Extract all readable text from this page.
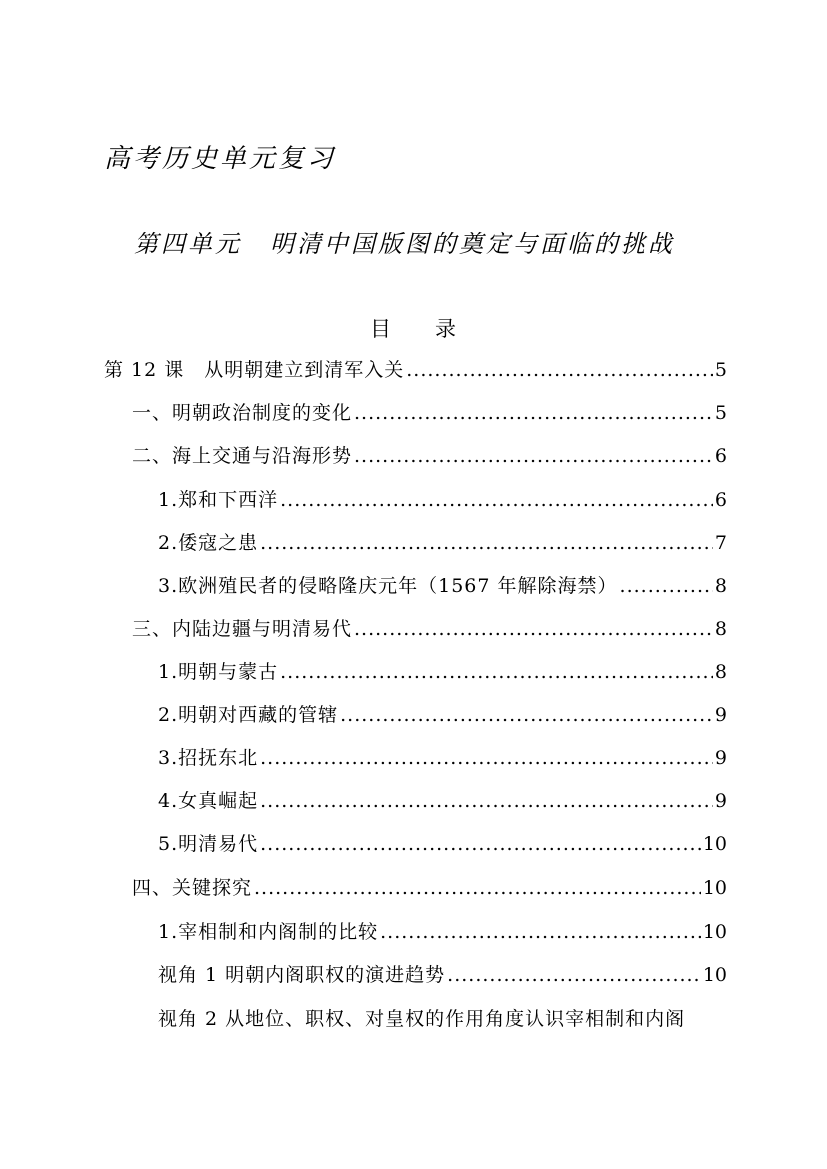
高考历史单元复习
第四单元 明清中国版图的奠定与面临的挑战
目 录
第 12 课　从明朝建立到清军入关 .....	5
一、明朝政治制度的变化 .....	5
二、海上交通与沿海形势 .....	6
1.郑和下西洋 .....	6
2.倭寇之患 .....	7
3.欧洲殖民者的侵略隆庆元年（1567 年解除海禁） .....	8
三、内陆边疆与明清易代 .....	8
1.明朝与蒙古 .....	8
2.明朝对西藏的管辖 .....	9
3.招抚东北 .....	9
4.女真崛起 .....	9
5.明清易代 .....	10
四、关键探究 .....	10
1.宰相制和内阁制的比较 .....	10
视角 1 明朝内阁职权的演进趋势 .....	10
视角 2 从地位、职权、对皇权的作用角度认识宰相制和内阁
